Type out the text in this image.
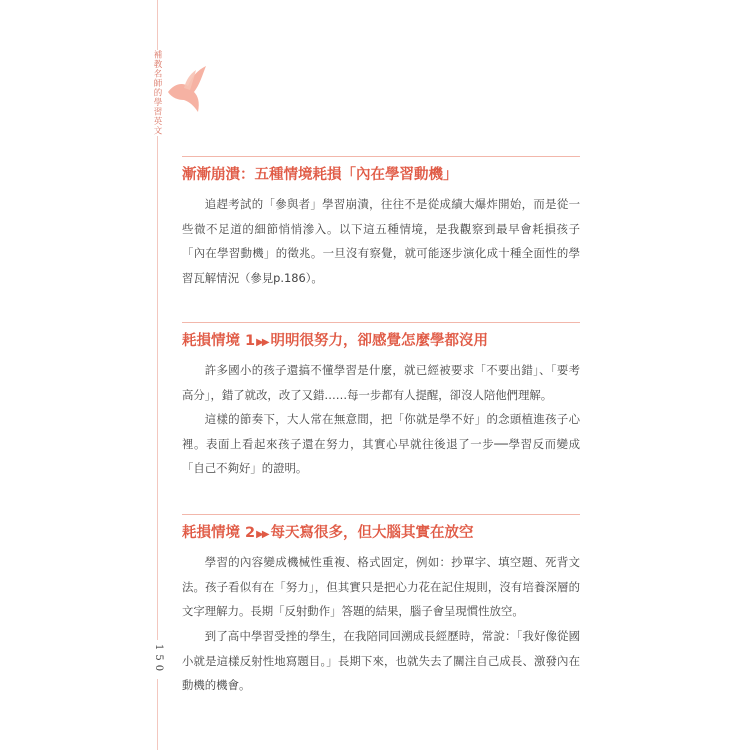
補教名師的學習英文
150
漸漸崩潰：五種情境耗損「內在學習動機」

追趕考試的「參與者」學習崩潰，往往不是從成績大爆炸開始，而是從一些微不足道的細節悄悄滲入。以下這五種情境，是我觀察到最早會耗損孩子「內在學習動機」的徵兆。一旦沒有察覺，就可能逐步演化成十種全面性的學習瓦解情況（參見p.186）。

耗損情境 1▶▶ 明明很努力，卻感覺怎麼學都沒用

許多國小的孩子還搞不懂學習是什麼，就已經被要求「不要出錯」、「要考高分」，錯了就改，改了又錯……每一步都有人提醒，卻沒人陪他們理解。

這樣的節奏下，大人常在無意間，把「你就是學不好」的念頭植進孩子心裡。表面上看起來孩子還在努力，其實心早就往後退了一步──學習反而變成「自己不夠好」的證明。

耗損情境 2▶▶ 每天寫很多，但大腦其實在放空

學習的內容變成機械性重複、格式固定，例如：抄單字、填空題、死背文法。孩子看似有在「努力」，但其實只是把心力花在記住規則，沒有培養深層的文字理解力。長期「反射動作」答題的結果，腦子會呈現慣性放空。

到了高中學習受挫的學生，在我陪同回溯成長經歷時，常說：「我好像從國小就是這樣反射性地寫題目。」長期下來，也就失去了關注自己成長、激發內在動機的機會。
